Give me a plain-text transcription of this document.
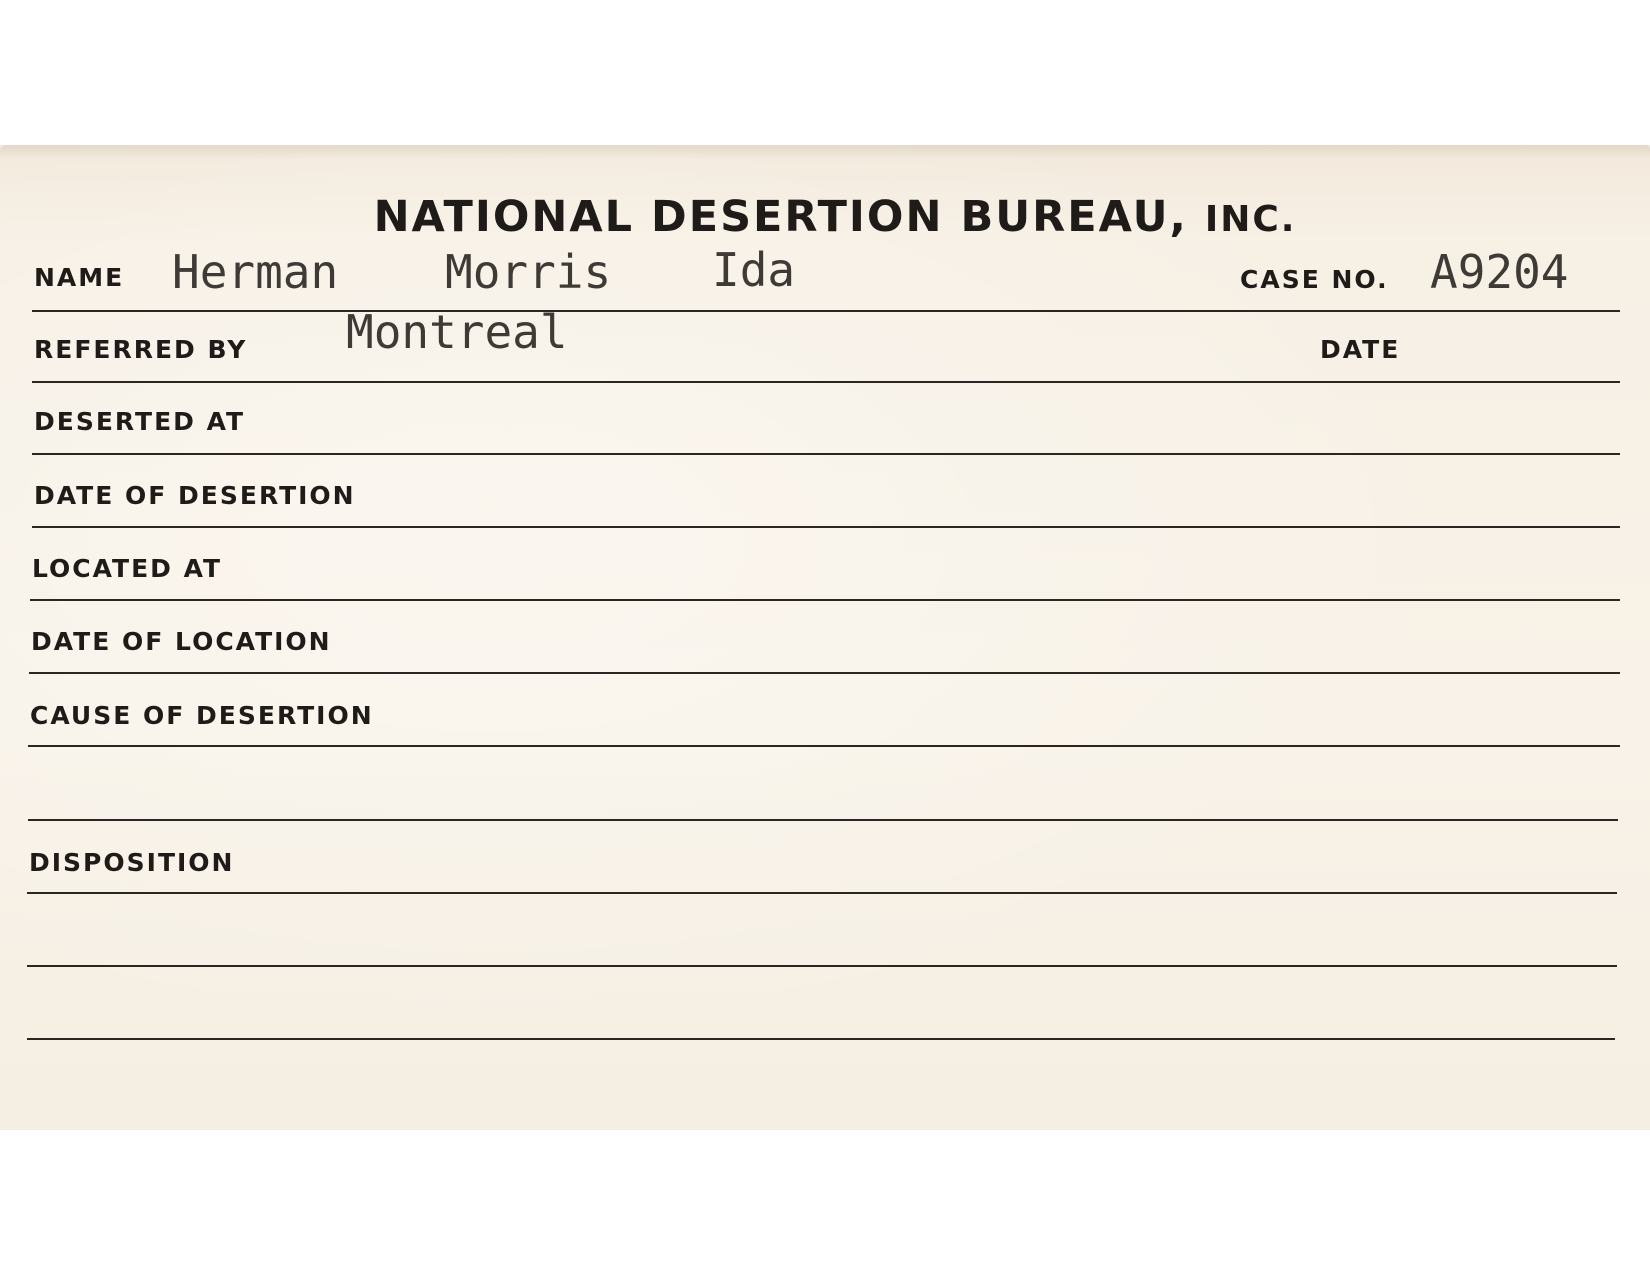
NATIONAL DESERTION BUREAU, INC.
NAME Herman Morris Ida	CASE NO. A9204
Montreal
REFERRED BY	DATE
DESERTED AT
DATE OF DESERTION
LOCATED AT
DATE OF LOCATION
CAUSE OF DESERTION
DISPOSITION
